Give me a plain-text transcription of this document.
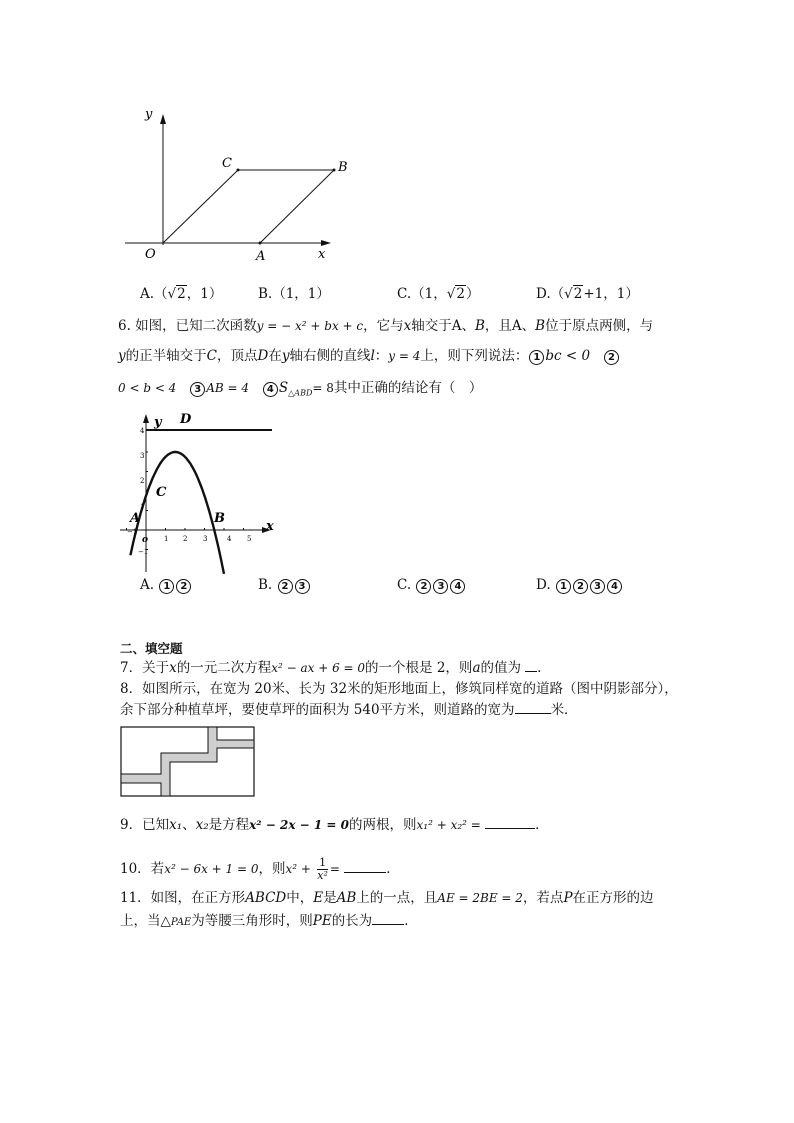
y
x
O	A
B
C
A.（√2，1）	B.（1，1）	C.（1，√2）	D.（√2+1，1）
6. 如图，已知二次函数y = − x² + bx + c，它与x轴交于A、B，且A、B位于原点两侧，与
y的正半轴交于C，顶点D在y轴右侧的直线l：y = 4上，则下列说法： 1 bc < 0 2
0 < b < 4 3 AB = 4 4 $S_{\triangle ABD}= 8$其中正确的结论有（　）
−1
1 2 3	4 5
4
3
2
1
−1
y
x
o
A	B
C
D
A. 1 2	B. 2 3	C. 2 3 4	D. 1 2 3 4
二、填空题
7．关于x的一元二次方程x² − ax + 6 = 0的一个根是 2，则a的值为 ．
8．如图所示，在宽为 20米、长为 32米的矩形地面上，修筑同样宽的道路（图中阴影部分），
余下部分种植草坪，要使草坪的面积为 540平方米，则道路的宽为	米．
9．已知x₁、x₂是方程x² − 2x − 1 = 0的两根，则x₁² + x₂² =	．
10．若x² − 6x + 1 = 0，则$x^2 + \frac{1}{\text{x²}}$ =	．
11．如图，在正方形ABCD中，E是AB上的一点，且AE = 2BE = 2，若点P在正方形的边
上，当△PAE为等腰三角形时，则PE的长为 ．
